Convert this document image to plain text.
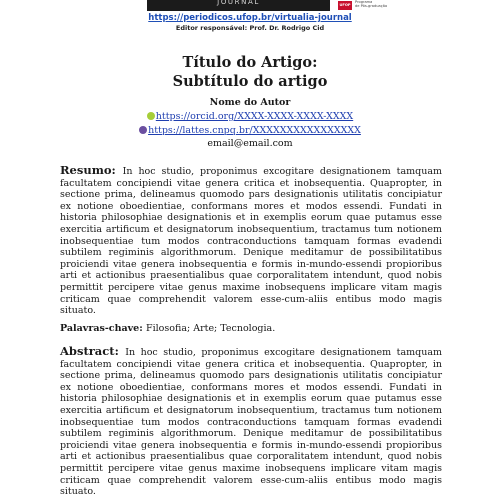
JOURNAL	UFOP
Programa
de Pós-graduação
https://periodicos.ufop.br/virtualia-journal
Editor responsável: Prof. Dr. Rodrigo Cid
Título do Artigo:
Subtítulo do artigo
Nome do Autor
https://orcid.org/XXXX-XXXX-XXXX-XXXX
https://lattes.cnpq.br/XXXXXXXXXXXXXXXX
email@email.com
Resumo: In hoc studio, proponimus excogitare designationem tamquam facultatem concipiendi vitae genera critica et inobsequentia. Quapropter, in sectione prima, delineamus quomodo pars designationis utilitatis concipiatur ex notione oboedientiae, conformans mores et modos essendi. Fundati in historia philosophiae designationis et in exemplis eorum quae putamus esse exercitia artificum et designatorum inobsequentium, tractamus tum notionem inobsequentiae tum modos contraconductions tamquam formas evadendi subtilem regiminis algorithmorum. Denique meditamur de possibilitatibus proiciendi vitae genera inobsequentia e formis in-mundo-essendi propioribus arti et actionibus praesentialibus quae corporalitatem intendunt, quod nobis permittit percipere vitae genus maxime inobsequens implicare vitam magis criticam quae comprehendit valorem esse-cum-aliis entibus modo magis situato.
Palavras-chave: Filosofia; Arte; Tecnologia.
Abstract: In hoc studio, proponimus excogitare designationem tamquam facultatem concipiendi vitae genera critica et inobsequentia. Quapropter, in sectione prima, delineamus quomodo pars designationis utilitatis concipiatur ex notione oboedientiae, conformans mores et modos essendi. Fundati in historia philosophiae designationis et in exemplis eorum quae putamus esse exercitia artificum et designatorum inobsequentium, tractamus tum notionem inobsequentiae tum modos contraconductions tamquam formas evadendi subtilem regiminis algorithmorum. Denique meditamur de possibilitatibus proiciendi vitae genera inobsequentia e formis in-mundo-essendi propioribus arti et actionibus praesentialibus quae corporalitatem intendunt, quod nobis permittit percipere vitae genus maxime inobsequens implicare vitam magis criticam quae comprehendit valorem esse-cum-aliis entibus modo magis situato.
